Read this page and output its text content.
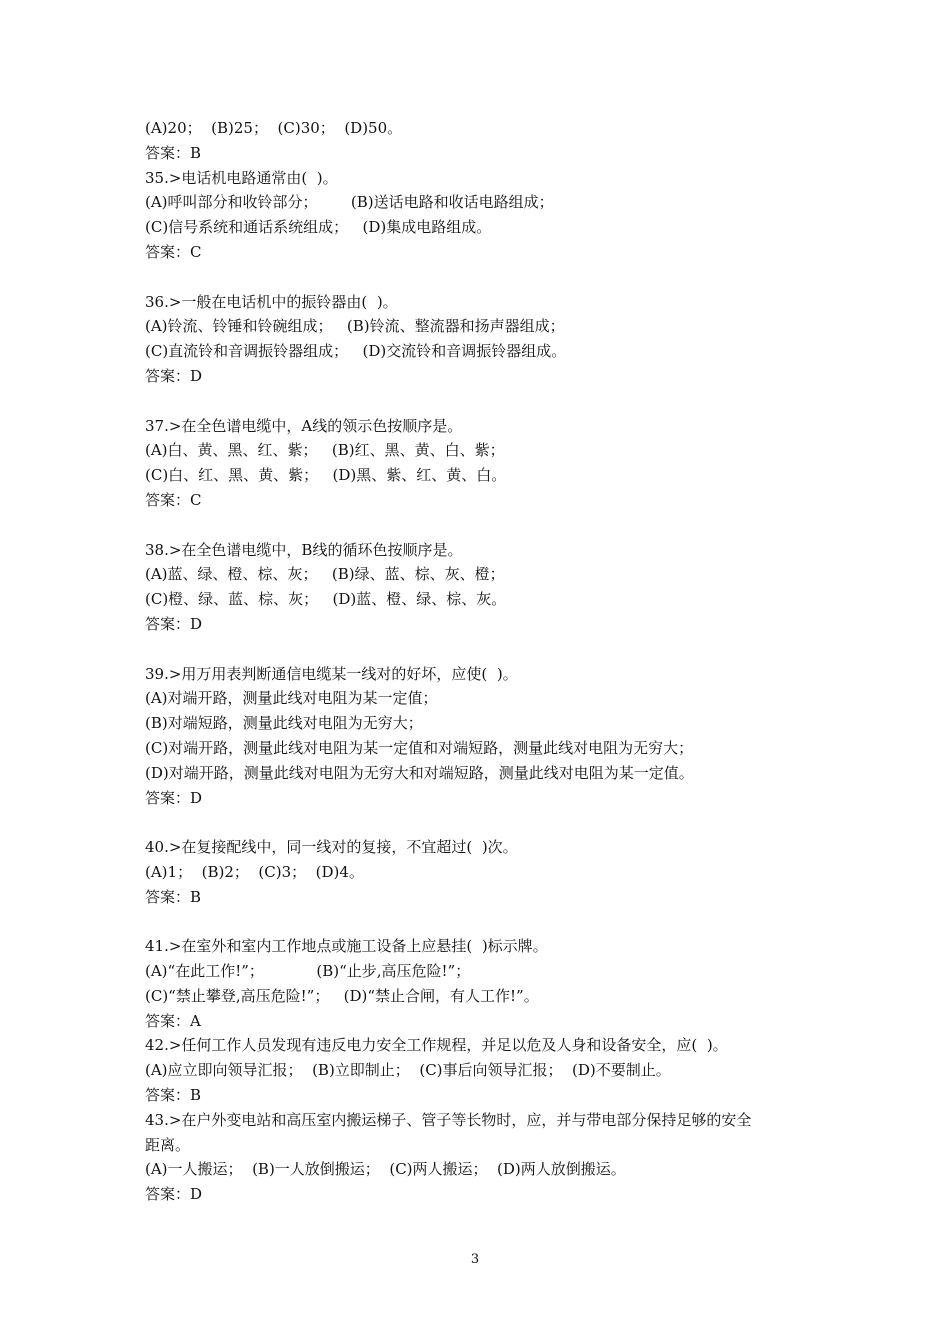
(A)20；  (B)25；  (C)30；  (D)50。
答案：B
35.>电话机电路通常由(  )。
(A)呼叫部分和收铃部分；       (B)送话电路和收话电路组成；
(C)信号系统和通话系统组成；   (D)集成电路组成。
答案：C
36.>一般在电话机中的振铃器由(  )。
(A)铃流、铃锤和铃碗组成；   (B)铃流、整流器和扬声器组成；
(C)直流铃和音调振铃器组成；   (D)交流铃和音调振铃器组成。
答案：D
37.>在全色谱电缆中，A线的领示色按顺序是。
(A)白、黄、黑、红、紫；   (B)红、黑、黄、白、紫；
(C)白、红、黑、黄、紫；   (D)黑、紫、红、黄、白。
答案：C
38.>在全色谱电缆中，B线的循环色按顺序是。
(A)蓝、绿、橙、棕、灰；   (B)绿、蓝、棕、灰、橙；
(C)橙、绿、蓝、棕、灰；   (D)蓝、橙、绿、棕、灰。
答案：D
39.>用万用表判断通信电缆某一线对的好坏，应使(  )。
(A)对端开路，测量此线对电阻为某一定值；
(B)对端短路，测量此线对电阻为无穷大；
(C)对端开路，测量此线对电阻为某一定值和对端短路，测量此线对电阻为无穷大；
(D)对端开路，测量此线对电阻为无穷大和对端短路，测量此线对电阻为某一定值。
答案：D
40.>在复接配线中，同一线对的复接，不宜超过(  )次。
(A)1；  (B)2；  (C)3；  (D)4。
答案：B
41.>在室外和室内工作地点或施工设备上应悬挂(  )标示牌。
(A)“在此工作!”；           (B)“止步,高压危险!”；
(C)“禁止攀登,高压危险!”；   (D)“禁止合闸，有人工作!”。
答案：A
42.>任何工作人员发现有违反电力安全工作规程，并足以危及人身和设备安全，应(  )。
(A)应立即向领导汇报；  (B)立即制止；  (C)事后向领导汇报；  (D)不要制止。
答案：B
43.>在户外变电站和高压室内搬运梯子、管子等长物时，应，并与带电部分保持足够的安全
距离。
(A)一人搬运；  (B)一人放倒搬运；  (C)两人搬运；  (D)两人放倒搬运。
答案：D
3
